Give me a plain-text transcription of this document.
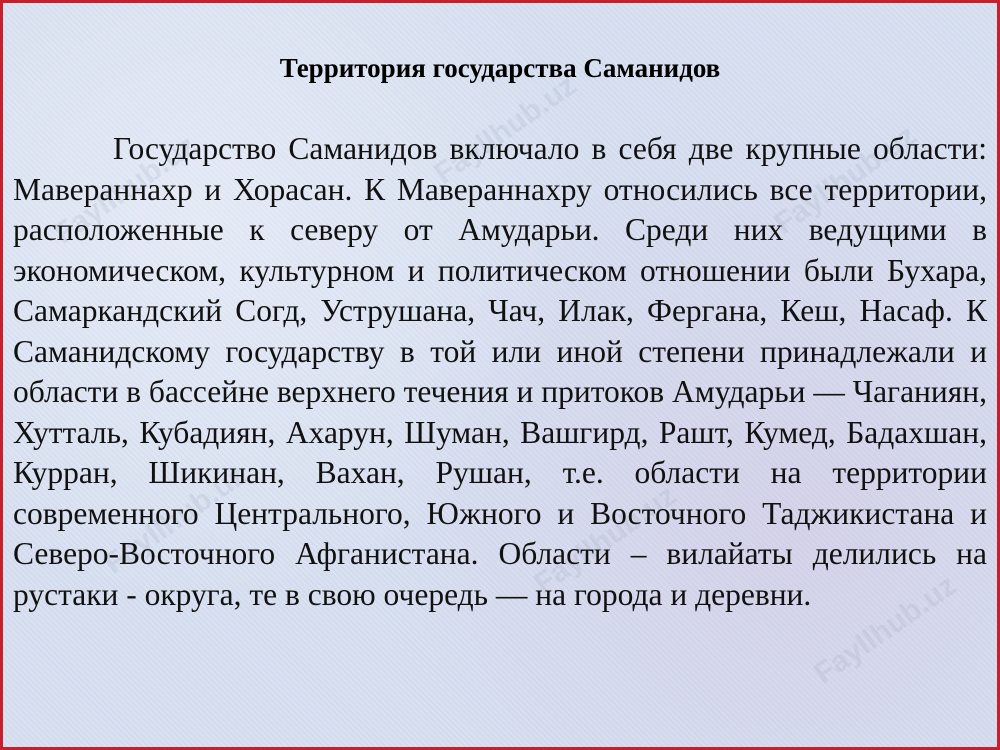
Fayllhub.uz	Fayllhub.uz	Fayllhub.uz
Fayllhub.uz	Fayllhub.uz
Fayllhub.uz
Территория государства Саманидов

Государство Саманидов включало в себя две крупные области: Мавераннахр и Хорасан. К Мавераннахру относились все территории, расположенные к северу от Амударьи. Среди них ведущими в экономическом, культурном и политическом отношении были Бухара, Самаркандский Согд, Уструшана, Чач, Илак, Фергана, Кеш, Насаф. К Саманидскому государству в той или иной степени принадлежали и области в бассейне верхнего течения и притоков Амударьи — Чаганиян, Хутталь, Кубадиян, Ахарун, Шуман, Вашгирд, Рашт, Кумед, Бадахшан, Курран, Шикинан, Вахан, Рушан, т.е. области на территории современного Центрального, Южного и Восточного Таджикистана и Северо-Восточного Афганистана. Области – вилайаты делились на рустаки - округа, те в свою очередь — на города и деревни.
